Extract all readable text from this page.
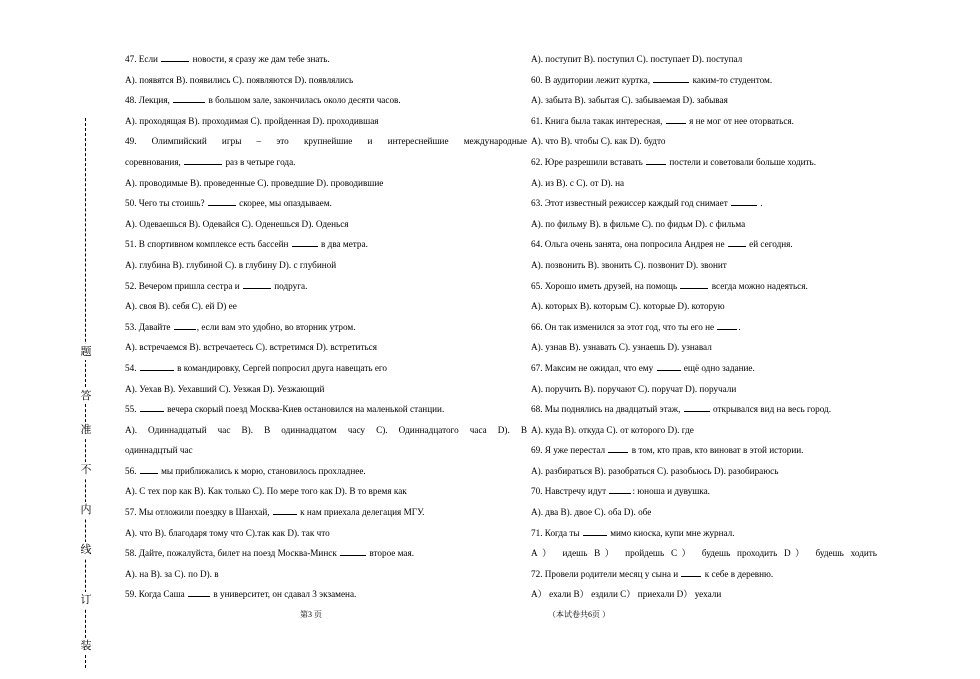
装
订
线
内
不
准
答
题
47. Если	новости, я сразу же дам тебе знать.
A). появятся B). появились C). появляются D). появлялись
48. Лекция,	в большом зале, закончилась около десяти часов.
A). проходящая B). проходимая C). пройденная D). проходившая
49. Олимпийский игры – это крупнейшие и интереснейшие международные
соревнования,	раз в четыре года.
A). проводимые B). проведенные C). проведшие D). проводившие
50. Чего ты стоишь?	скорее, мы опаздываем.
A). Одеваешься B). Одевайся C). Оденешься D). Оденься
51. В спортивном комплексе есть бассейн	в два метра.
A). глубина B). глубиной C). в глубину D). с глубиной
52. Вечером пришла сестра и	подруга.
A). своя B). себя C). ей D) ее
53. Давайте	, если вам это удобно, во вторник утром.
A). встречаемся B). встречаетесь C). встретимся D). встретиться
54.	в командировку, Сергей попросил друга навещать его
A). Уехав B). Уехавший C). Уезжая D). Уезжающий
55.	вечера скорый поезд Москва-Киев остановился на маленькой станции.
A). Одиннадцатый час B). В одиннадцатом часу C). Одиннадцатого часа D). В
одиннадцтый час
56.  мы приближались к морю, становилось прохладнее.
A). С тех пор как B). Как только C). По мере того как D). В то время как
57. Мы отложили поездку в Шанхай,	к нам приехала делегация МГУ.
A). что B). благодаря тому что C).так как D). так что
58. Дайте, пожалуйста, билет на поезд Москва-Минск	второе мая.
A). на B). за C). по D). в
59. Когда Саша	в университет, он сдавал 3 экзамена.
A). поступит B). поступил C). поступает D). поступал
60. В аудитории лежит куртка,	каким-то студентом.
A). забыта B). забытая C). забываемая D). забывая
61. Книга была такак интересная,  я не мог от нее оторваться.
A). что B). чтобы C). как D). будто
62. Юре разрешили вставать  постели и советовали больше ходить.
A). из B). с C). от D). на
63. Этот известный режиссер каждый год снимает	.
A). по фильму B). в фильме C). по фидьм D). с фильма
64. Ольга очень занята, она попросила Андрея не  ей сегодня.
A). позвонить B). звонить C). позвонит D). звонит
65. Хорошо иметь друзей, на помощь	всегда можно надеяться.
A). которых B). которым C). которые D). которую
66. Он так изменился за этот год, что ты его не .
A). узнав B). узнавать C). узнаешь D). узнавал
67. Максим не ожидал, что ему	ещё одно задание.
A). поручить B). поручают C). поручат D). поручали
68. Мы поднялись на двадцатый этаж,	открывался вид на весь город.
A). куда B). откуда C). от которого D). где
69. Я уже перестал  в том, кто прав, кто виноват в этой истории.
A). разбираться B). разобраться C). разобьюсь D). разобираюсь
70. Навстречу идут	: юноша и дувушка.
A). два B). двое C). оба D). обе
71. Когда ты	мимо киоска, купи мне журнал.
A） идешь B） пройдешь C） будешь проходить D） будешь ходить
72. Провели родители месяц у сына и  к себе в деревню.
A） ехали B） ездили C） приехали D） уехали
第3 页	（本试卷共6页 ）
